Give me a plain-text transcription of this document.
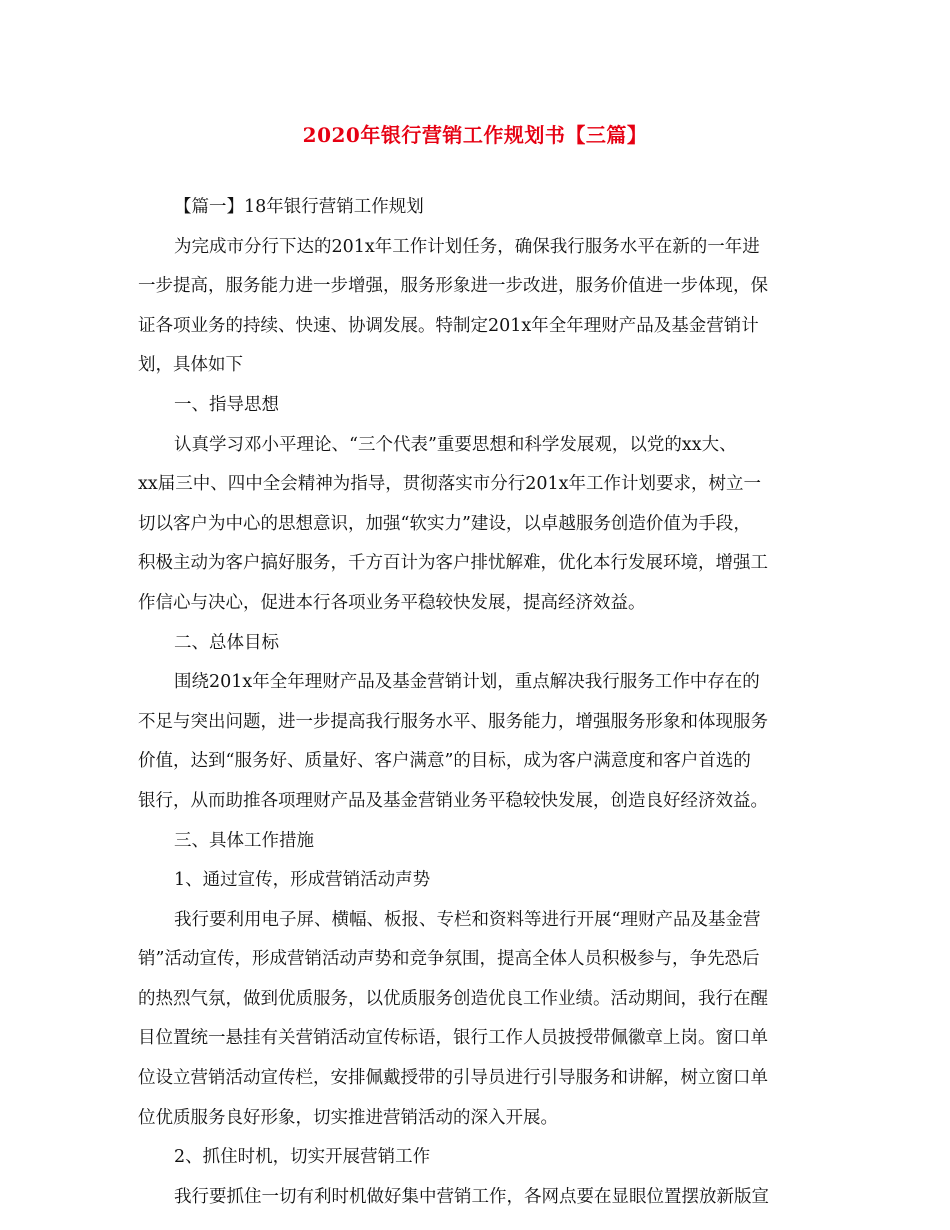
2020年银行营销工作规划书【三篇】
【篇一】18年银行营销工作规划
为完成市分行下达的201x年工作计划任务，确保我行服务水平在新的一年进
一步提高，服务能力进一步增强，服务形象进一步改进，服务价值进一步体现，保
证各项业务的持续、快速、协调发展。特制定201x年全年理财产品及基金营销计
划，具体如下
一、指导思想
认真学习邓小平理论、“三个代表”重要思想和科学发展观，以党的xx大、
xx届三中、四中全会精神为指导，贯彻落实市分行201x年工作计划要求，树立一
切以客户为中心的思想意识，加强“软实力”建设，以卓越服务创造价值为手段，
积极主动为客户搞好服务，千方百计为客户排忧解难，优化本行发展环境，增强工
作信心与决心，促进本行各项业务平稳较快发展，提高经济效益。
二、总体目标
围绕201x年全年理财产品及基金营销计划，重点解决我行服务工作中存在的
不足与突出问题，进一步提高我行服务水平、服务能力，增强服务形象和体现服务
价值，达到“服务好、质量好、客户满意”的目标，成为客户满意度和客户首选的
银行，从而助推各项理财产品及基金营销业务平稳较快发展，创造良好经济效益。
三、具体工作措施
1、通过宣传，形成营销活动声势
我行要利用电子屏、横幅、板报、专栏和资料等进行开展“理财产品及基金营
销”活动宣传，形成营销活动声势和竞争氛围，提高全体人员积极参与，争先恐后
的热烈气氛，做到优质服务，以优质服务创造优良工作业绩。活动期间，我行在醒
目位置统一悬挂有关营销活动宣传标语，银行工作人员披授带佩徽章上岗。窗口单
位设立营销活动宣传栏，安排佩戴授带的引导员进行引导服务和讲解，树立窗口单
位优质服务良好形象，切实推进营销活动的深入开展。
2、抓住时机，切实开展营销工作
我行要抓住一切有利时机做好集中营销工作，各网点要在显眼位置摆放新版宣
